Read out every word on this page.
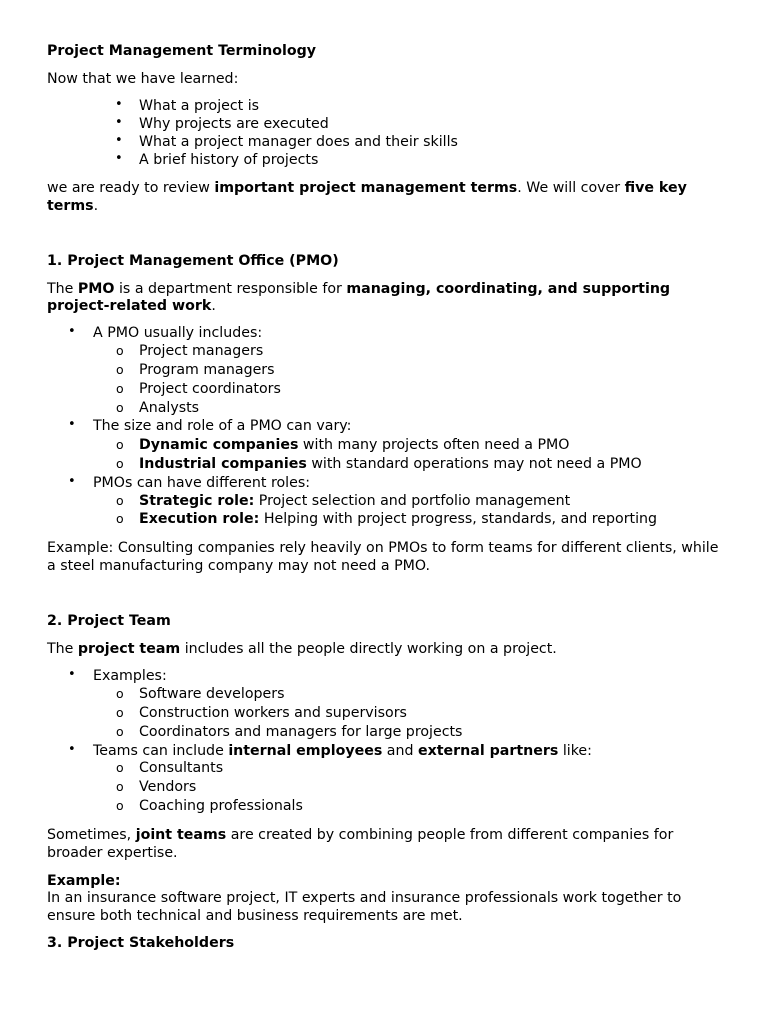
Project Management Terminology
Now that we have learned:
• What a project is
• Why projects are executed
• What a project manager does and their skills
• A brief history of projects
we are ready to review important project management terms. We will cover five key
terms.
1. Project Management Office (PMO)
The PMO is a department responsible for managing, coordinating, and supporting
project-related work.
• A PMO usually includes:
o Project managers
o Program managers
o Project coordinators
o Analysts
• The size and role of a PMO can vary:
o Dynamic companies with many projects often need a PMO
o Industrial companies with standard operations may not need a PMO
• PMOs can have different roles:
o Strategic role: Project selection and portfolio management
o Execution role: Helping with project progress, standards, and reporting
Example: Consulting companies rely heavily on PMOs to form teams for different clients, while
a steel manufacturing company may not need a PMO.
2. Project Team
The project team includes all the people directly working on a project.
• Examples:
o Software developers
o Construction workers and supervisors
o Coordinators and managers for large projects
• Teams can include internal employees and external partners like:
o Consultants
o Vendors
o Coaching professionals
Sometimes, joint teams are created by combining people from different companies for
broader expertise.
Example:
In an insurance software project, IT experts and insurance professionals work together to
ensure both technical and business requirements are met.
3. Project Stakeholders
